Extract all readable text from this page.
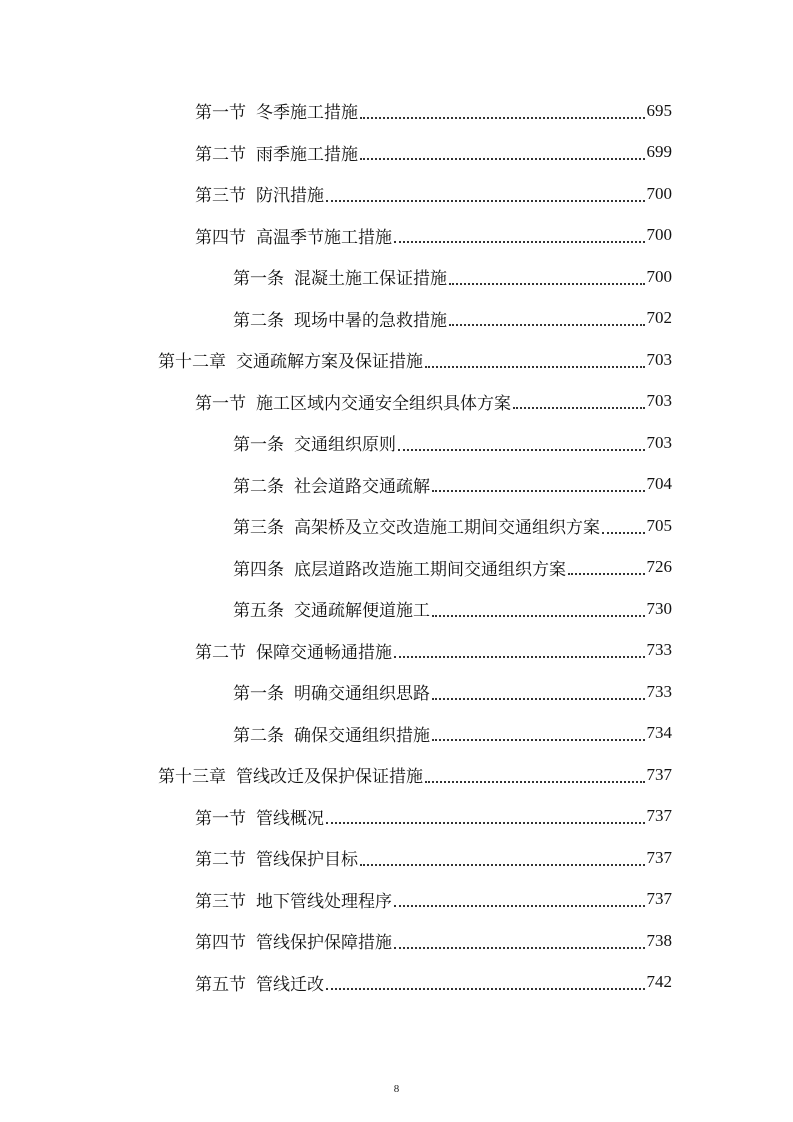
第一节 冬季施工措施	695
第二节 雨季施工措施	699
第三节 防汛措施	700
第四节 高温季节施工措施	700
第一条 混凝土施工保证措施	700
第二条 现场中暑的急救措施	702
第十二章 交通疏解方案及保证措施	703
第一节 施工区域内交通安全组织具体方案	703
第一条 交通组织原则	703
第二条 社会道路交通疏解	704
第三条 高架桥及立交改造施工期间交通组织方案	705
第四条 底层道路改造施工期间交通组织方案	726
第五条 交通疏解便道施工	730
第二节 保障交通畅通措施	733
第一条 明确交通组织思路	733
第二条 确保交通组织措施	734
第十三章 管线改迁及保护保证措施	737
第一节 管线概况	737
第二节 管线保护目标	737
第三节 地下管线处理程序	737
第四节 管线保护保障措施	738
第五节 管线迁改	742
8
